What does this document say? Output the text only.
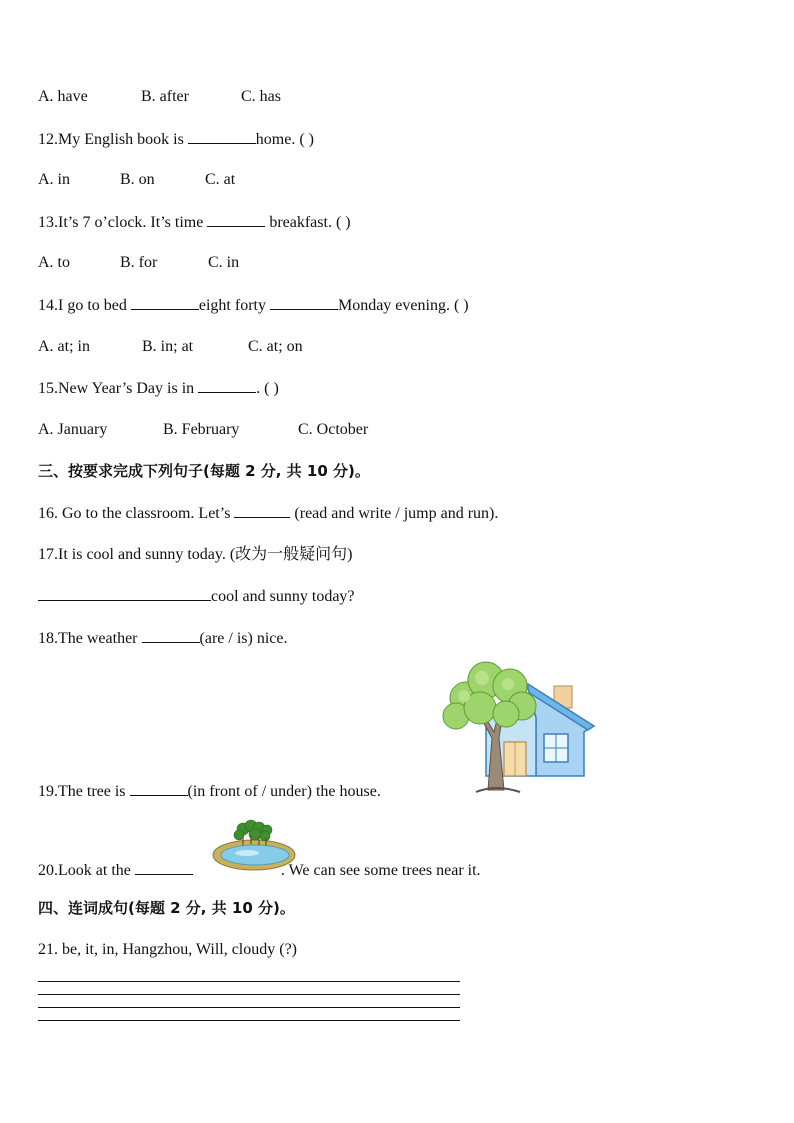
A. have	B. after	C. has
12.My English book is	home. ( )
A. in	B. on	C. at
13.It’s 7 o’clock. It’s time	breakfast. ( )
A. to	B. for	C. in
14.I go to bed	eight forty	Monday evening. ( )
A. at; in	B. in; at	C. at; on
15.New Year’s Day is in	. ( )
A. January	B. February	C. October
三、按要求完成下列句子(每题 2 分, 共 10 分)。
16. Go to the classroom. Let’s	(read and write / jump and run).
17.It is cool and sunny today. (改为一般疑问句)
cool and sunny today?
18.The weather	(are / is) nice.
19.The tree is	(in front of / under) the house.
20.Look at the	. We can see some trees near it.
四、连词成句(每题 2 分, 共 10 分)。
21. be, it, in, Hangzhou, Will, cloudy (?)
